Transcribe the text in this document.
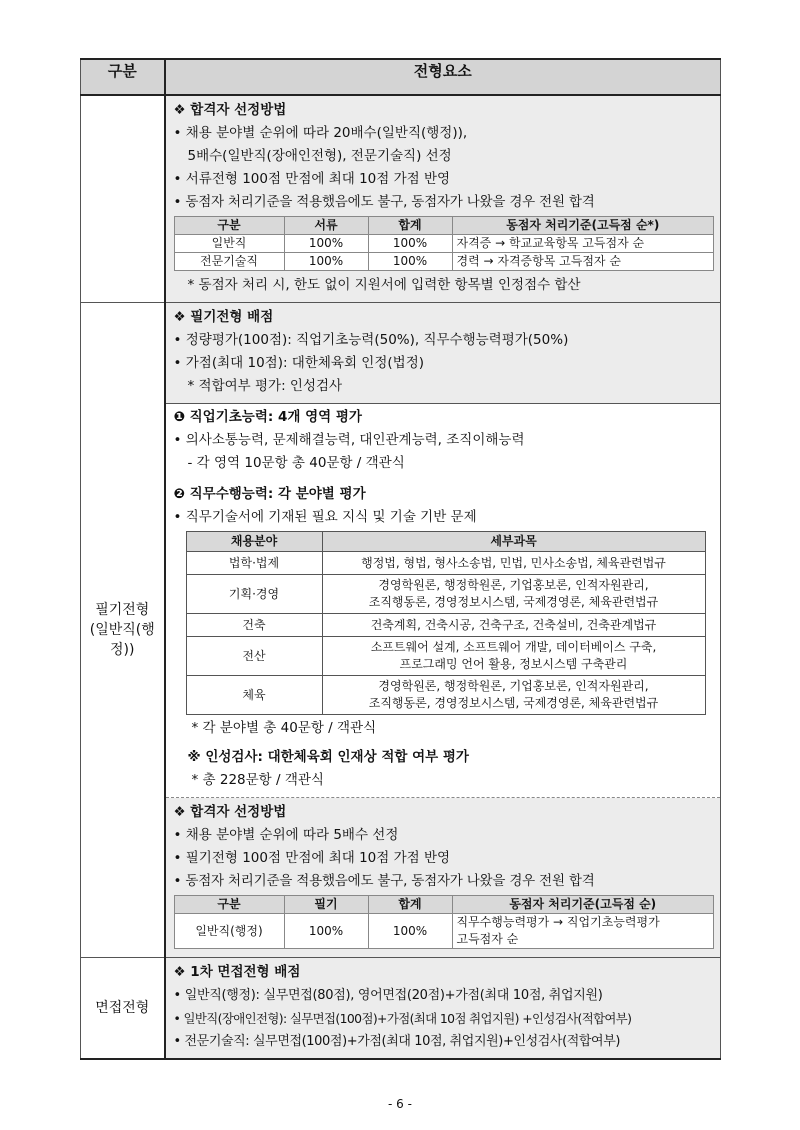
구분	전형요소

❖ 합격자 선정방법
• 채용 분야별 순위에 따라 20배수(일반직(행정)),
5배수(일반직(장애인전형), 전문기술직) 선정
• 서류전형 100점 만점에 최대 10점 가점 반영
• 동점자 처리기준을 적용했음에도 불구, 동점자가 나왔을 경우 전원 합격
구분	서류	합계	동점자 처리기준(고득점 순*)
일반직	100%	100%	자격증 → 학교교육항목 고득점자 순
전문기술직	100%	100%	경력 → 자격증항목 고득점자 순
* 동점자 처리 시, 한도 없이 지원서에 입력한 항목별 인정점수 합산

필기전형
(일반직(행정))

❖ 필기전형 배점
• 정량평가(100점): 직업기초능력(50%), 직무수행능력평가(50%)
• 가점(최대 10점): 대한체육회 인정(법정)
* 적합여부 평가: 인성검사
❶ 직업기초능력: 4개 영역 평가
• 의사소통능력, 문제해결능력, 대인관계능력, 조직이해능력
- 각 영역 10문항 총 40문항 / 객관식
❷ 직무수행능력: 각 분야별 평가
• 직무기술서에 기재된 필요 지식 및 기술 기반 문제
채용분야	세부과목
법학·법제	행정법, 형법, 형사소송법, 민법, 민사소송법, 체육관련법규
기획·경영	경영학원론, 행정학원론, 기업홍보론, 인적자원관리,
조직행동론, 경영정보시스템, 국제경영론, 체육관련법규
건축	건축계획, 건축시공, 건축구조, 건축설비, 건축관계법규
전산	소프트웨어 설계, 소프트웨어 개발, 데이터베이스 구축,
프로그래밍 언어 활용, 정보시스템 구축관리
체육	경영학원론, 행정학원론, 기업홍보론, 인적자원관리,
조직행동론, 경영정보시스템, 국제경영론, 체육관련법규
* 각 분야별 총 40문항 / 객관식
※ 인성검사: 대한체육회 인재상 적합 여부 평가
* 총 228문항 / 객관식
❖ 합격자 선정방법
• 채용 분야별 순위에 따라 5배수 선정
• 필기전형 100점 만점에 최대 10점 가점 반영
• 동점자 처리기준을 적용했음에도 불구, 동점자가 나왔을 경우 전원 합격
구분	필기	합계	동점자 처리기준(고득점 순)
일반직(행정)	100%	100%	직무수행능력평가 → 직업기초능력평가
고득점자 순

면접전형	
❖ 1차 면접전형 배점
• 일반직(행정): 실무면접(80점), 영어면접(20점)+가점(최대 10점, 취업지원)
• 일반직(장애인전형): 실무면접(100점)+가점(최대 10점 취업지원) +인성검사(적합여부)
• 전문기술직: 실무면접(100점)+가점(최대 10점, 취업지원)+인성검사(적합여부)
- 6 -
